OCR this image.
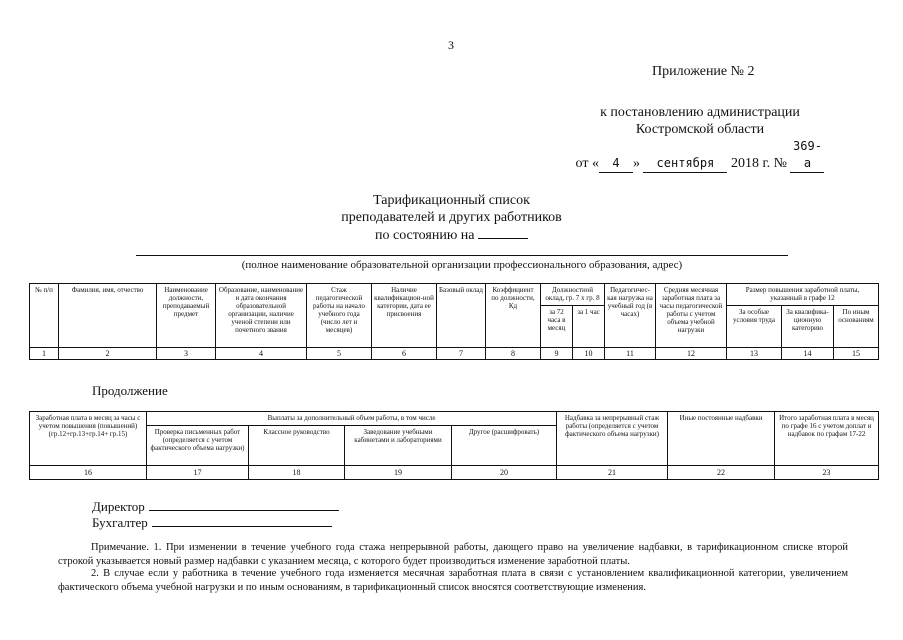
3
Приложение № 2
к постановлению администрации
Костромской области
от « 4 » сентября 2018 г. № 369-а
Тарификационный список
преподавателей и других работников
по состоянию на
(полное наименование образовательной организации профессионального образования, адрес)
№ п/п	Фамилия, имя, отчество	Наименование должности, преподаваемый предмет	Образование, наименование и дата окончания образовательной организации, наличие ученой степени или почетного звания	Стаж педагогической работы на начало учебного года (число лет и месяцев)	Наличие квалификацион-ной категории, дата ее присвоения	Базовый оклад	Коэффициент по должности, Кд	Должностной оклад, гр. 7 х гр. 8		Педагогичес-кая нагрузка на учебный год (в часах)	Средняя месячная заработная плата за часы педагогической работы с учетом объема учебной нагрузки	Размер повышения заработной платы, указанный в графе 12		
								за 72 часа в месяц	за 1 час			За особые условия труда	За квалифика-ционную категорию	По иным основаниям
1	2	3	4	5	6	7	8	9	10	11	12	13	14	15
Продолжение
Заработная плата в месяц за часы с учетом повышения (повышений) (гр.12+гр.13+гр.14+ гр.15)	Выплаты за дополнительный объем работы, в том числе				Надбавка за непрерывный стаж работы (определяется с учетом фактического объема нагрузки)	Иные постоянные надбавки	Итого заработная плата в месяц по графе 16 с учетом доплат и надбавок по графам 17-22
	Проверка письменных работ (определяется с учетом фактического объема нагрузки)	Классное руководство	Заведование учебными кабинетами и лабораториями	Другое (расшифровать)			
16	17	18	19	20	21	22	23
Директор
Бухгалтер
Примечание. 1. При изменении в течение учебного года стажа непрерывной работы, дающего право на увеличение надбавки, в тарификационном списке второй строкой указывается новый размер надбавки с указанием месяца, с которого будет производиться изменение заработной платы.
2. В случае если у работника в течение учебного года изменяется месячная заработная плата в связи с установлением квалификационной категории, увеличением фактического объема учебной нагрузки и по иным основаниям, в тарификационный список вносятся соответствующие изменения.
